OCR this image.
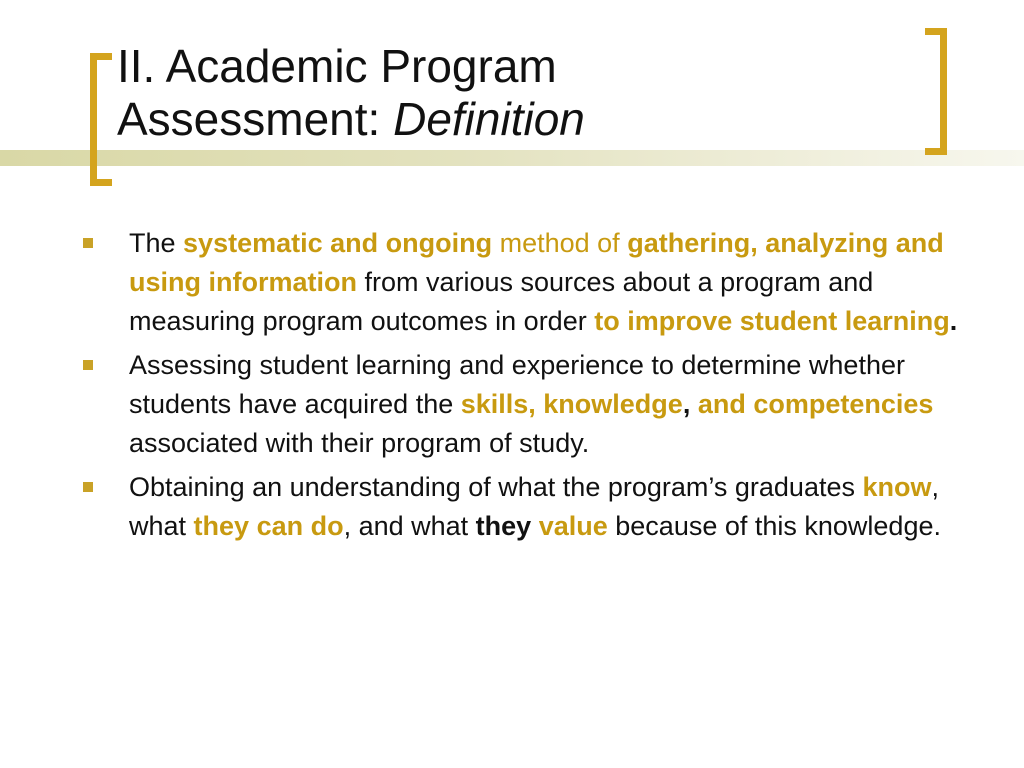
II. Academic Program
Assessment: Definition
The systematic and ongoing method of gathering, analyzing and using information from various sources about a program and measuring program outcomes in order to improve student learning.
Assessing student learning and experience to determine whether students have acquired the skills, knowledge, and competencies associated with their program of study.
Obtaining an understanding of what the program’s graduates know, what they can do, and what they value because of this knowledge.
